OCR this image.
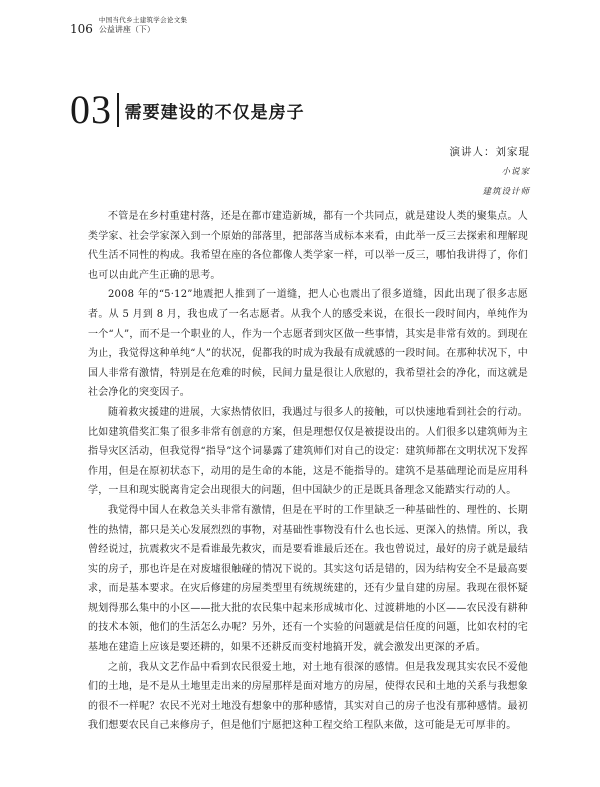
106
中国当代乡土建筑学会论文集
公益讲座（下）
03 需要建设的不仅是房子
演讲人：刘家琨
小说家
建筑设计师

不管是在乡村重建村落，还是在都市建造新城，都有一个共同点，就是建设人类的聚集点。人类学家、社会学家深入到一个原始的部落里，把部落当成标本来看，由此举一反三去探索和理解现代生活不同性的构成。我希望在座的各位都像人类学家一样，可以举一反三，哪怕我讲得了，你们也可以由此产生正确的思考。

2008 年的“5·12”地震把人推到了一道缝，把人心也震出了很多道缝，因此出现了很多志愿者。从 5 月到 8 月，我也成了一名志愿者。从我个人的感受来说，在很长一段时间内，单纯作为一个“人”，而不是一个职业的人，作为一个志愿者到灾区做一些事情，其实是非常有效的。到现在为止，我觉得这种单纯“人”的状况，促都我的时成为我最有成就感的一段时间。在那种状况下，中国人非常有激情，特别是在危难的时候，民间力量是很让人欣慰的，我希望社会的净化，而这就是社会净化的突变因子。

随着救灾援建的进展，大家热情依旧，我遇过与很多人的接触，可以快速地看到社会的行动。比如建筑借奖汇集了很多非常有创意的方案，但是理想仅仅是被提设出的。人们很多以建筑师为主指导灾区活动，但我觉得“指导”这个词暴露了建筑师们对自己的设定：建筑师都在文明状况下发挥作用，但是在原初状态下，动用的是生命的本能，这是不能指导的。建筑不是基础理论而是应用科学，一旦和现实脱离肯定会出现很大的问题，但中国缺少的正是既具备理念又能踏实行动的人。

我觉得中国人在救急关头非常有激情，但是在平时的工作里缺乏一种基础性的、理性的、长期性的热情，都只是关心发展烈烈的事物，对基础性事物没有什么也长远、更深入的热情。所以，我曾经说过，抗震救灾不是看谁最先救灾，而是要看谁最后还在。我也曾说过，最好的房子就是最结实的房子，那也许是在对废墟很触碰的情况下说的。其实这句话是错的，因为结构安全不是最高要求，而是基本要求。在灾后修建的房屋类型里有统规统建的，还有少量自建的房屋。我现在很怀疑规划得那么集中的小区——批大批的农民集中起来形成城市化、过渡耕地的小区——农民没有耕种的技术本领，他们的生活怎么办呢？另外，还有一个实验的问题就是信任度的问题，比如农村的宅基地在建造上应该是要还耕的，如果不还耕反而变村地搞开发，就会激发出更深的矛盾。

之前，我从文艺作品中看到农民很爱土地，对土地有很深的感情。但是我发现其实农民不爱他们的土地，是不是从土地里走出来的房屋那样是面对地方的房屋，使得农民和土地的关系与我想象的很不一样呢？农民不光对土地没有想象中的那种感情，其实对自己的房子也没有那种感情。最初我们想要农民自己来修房子，但是他们宁愿把这种工程交给工程队来做，这可能是无可厚非的。
